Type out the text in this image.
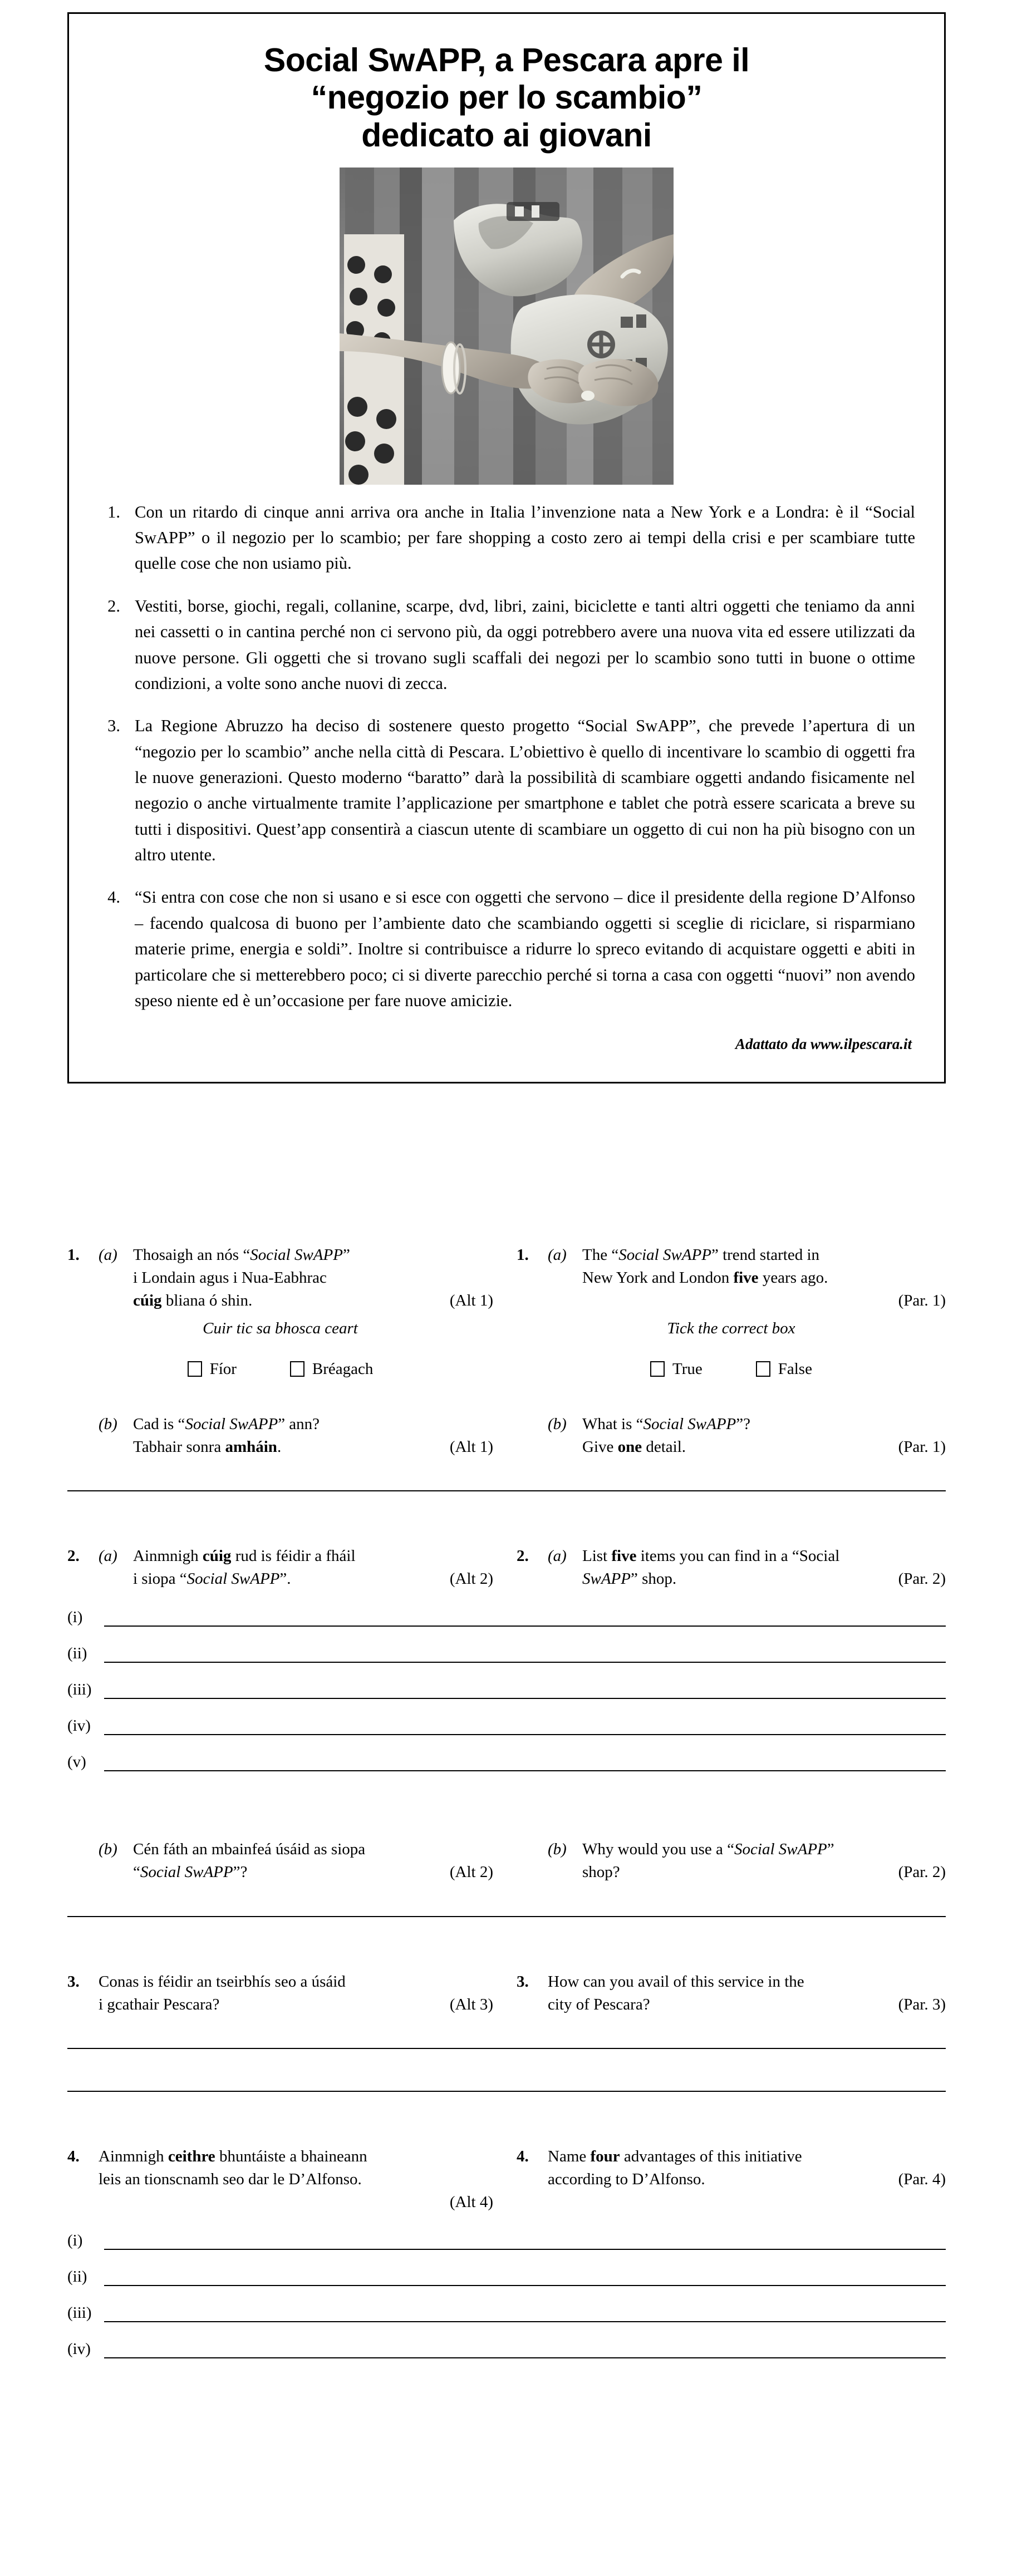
Social SwAPP, a Pescara apre il
“negozio per lo scambio”
dedicato ai giovani
1. Con un ritardo di cinque anni arriva ora anche in Italia l’invenzione nata a New York e a Londra: è il “Social SwAPP” o il negozio per lo scambio; per fare shopping a costo zero ai tempi della crisi e per scambiare tutte quelle cose che non usiamo più.
2. Vestiti, borse, giochi, regali, collanine, scarpe, dvd, libri, zaini, biciclette e tanti altri oggetti che teniamo da anni nei cassetti o in cantina perché non ci servono più, da oggi potrebbero avere una nuova vita ed essere utilizzati da nuove persone. Gli oggetti che si trovano sugli scaffali dei negozi per lo scambio sono tutti in buone o ottime condizioni, a volte sono anche nuovi di zecca.
3. La Regione Abruzzo ha deciso di sostenere questo progetto “Social SwAPP”, che prevede l’apertura di un “negozio per lo scambio” anche nella città di Pescara. L’obiettivo è quello di incentivare lo scambio di oggetti fra le nuove generazioni. Questo moderno “baratto” darà la possibilità di scambiare oggetti andando fisicamente nel negozio o anche virtualmente tramite l’applicazione per smartphone e tablet che potrà essere scaricata a breve su tutti i dispositivi. Quest’app consentirà a ciascun utente di scambiare un oggetto di cui non ha più bisogno con un altro utente.
4. “Si entra con cose che non si usano e si esce con oggetti che servono – dice il presidente della regione D’Alfonso – facendo qualcosa di buono per l’ambiente dato che scambiando oggetti si sceglie di riciclare, si risparmiano materie prime, energia e soldi”. Inoltre si contribuisce a ridurre lo spreco evitando di acquistare oggetti e abiti in particolare che si metterebbero poco; ci si diverte parecchio perché si torna a casa con oggetti “nuovi” non avendo speso niente ed è un’occasione per fare nuove amicizie.
Adattato da www.ilpescara.it
1.	(a) Thosaigh an nós “Social SwAPP”
i Londain agus i Nua-Eabhrac
(Alt 1)
cúig bliana ó shin.
Cuir tic sa bhosca ceart
Fíor	Bréagach
1.	(a) The “Social SwAPP” trend started in
New York and London five years ago.
(Par. 1)
Tick the correct box
True	False
(b) Cad is “Social SwAPP” ann?
(Alt 1)
Tabhair sonra amháin.
(b) What is “Social SwAPP”?
(Par. 1)
Give one detail.
2.	(a) Ainmnigh cúig rud is féidir a fháil
(Alt 2)
i siopa “Social SwAPP”.
2.	(a) List five items you can find in a “Social
(Par. 2)
SwAPP” shop.
(i)
(ii)
(iii)
(iv)
(v)
(b) Cén fáth an mbainfeá úsáid as siopa
(Alt 2)
“Social SwAPP”?
(b) Why would you use a “Social SwAPP”
(Par. 2)
shop?
3.	Conas is féidir an tseirbhís seo a úsáid
(Alt 3)
i gcathair Pescara?
3.	How can you avail of this service in the
(Par. 3)
city of Pescara?
4.	Ainmnigh ceithre bhuntáiste a bhaineann
leis an tionscnamh seo dar le D’Alfonso.
(Alt 4)
4.	Name four advantages of this initiative
(Par. 4)
according to D’Alfonso.
(i)
(ii)
(iii)
(iv)
